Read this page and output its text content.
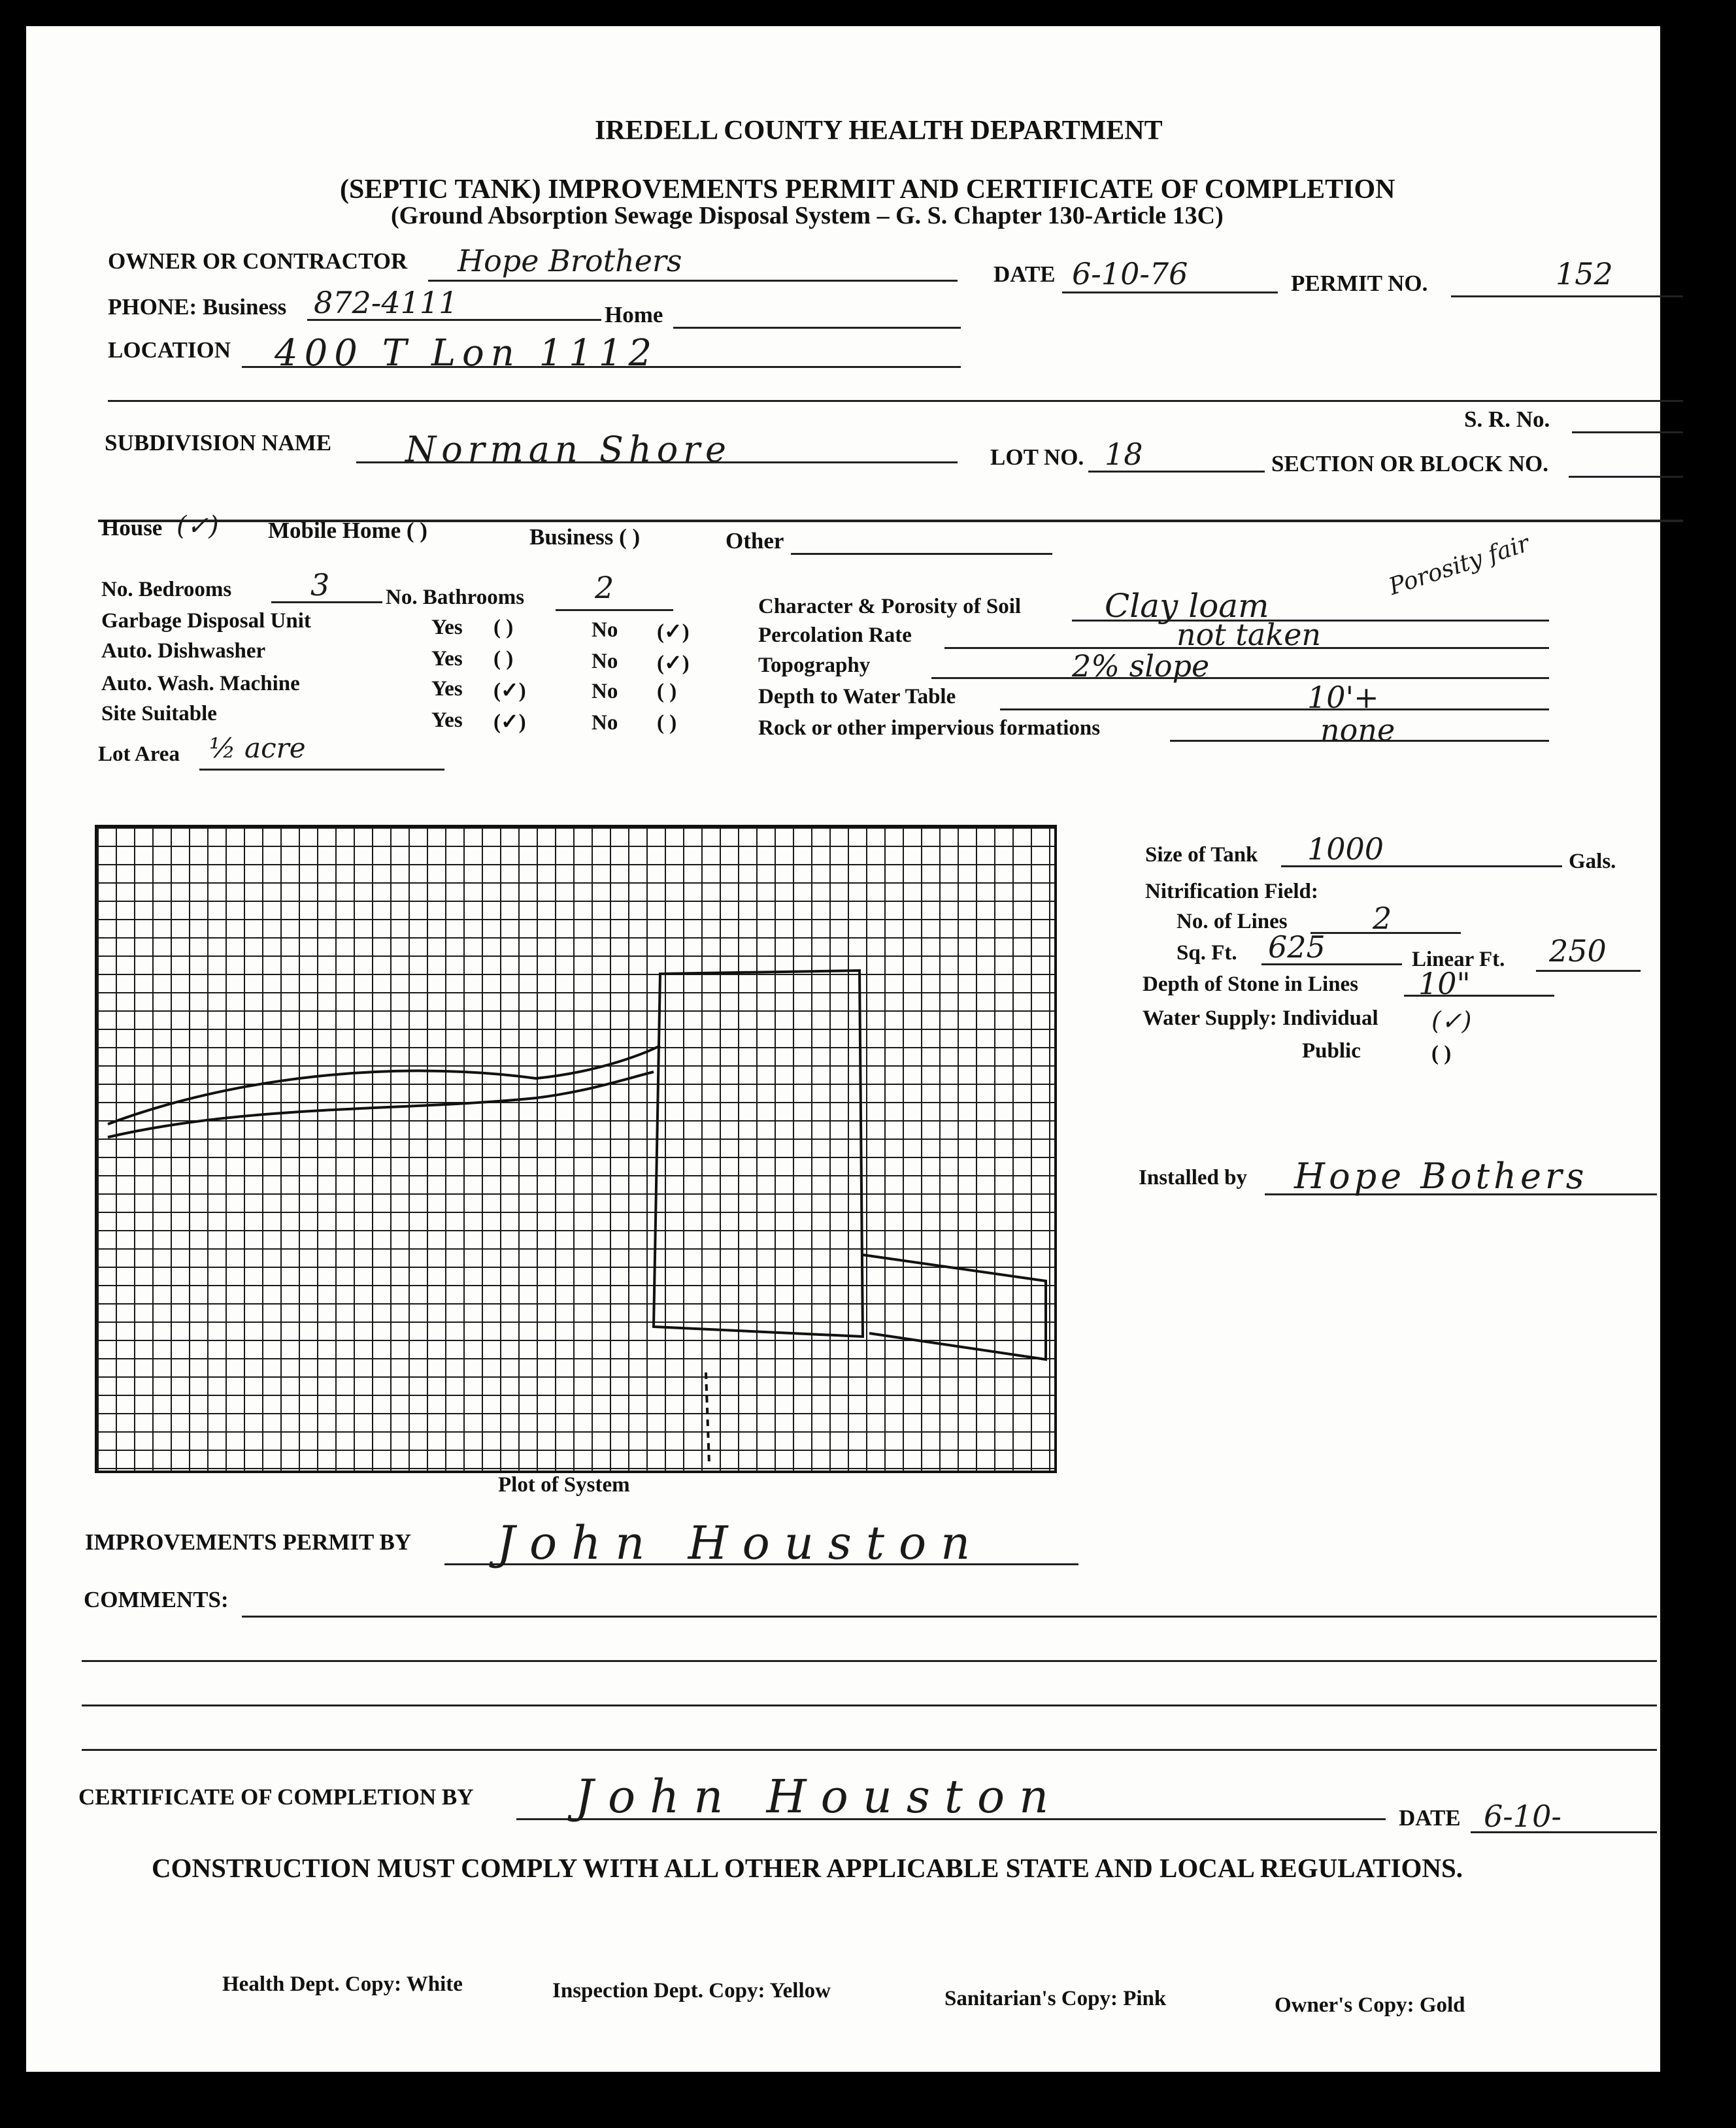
IREDELL COUNTY HEALTH DEPARTMENT
(SEPTIC TANK) IMPROVEMENTS PERMIT AND CERTIFICATE OF COMPLETION
(Ground Absorption Sewage Disposal System – G. S. Chapter 130-Article 13C)
OWNER OR CONTRACTOR Hope Brothers	DATE 6-10-76	PERMIT NO.	152
PHONE: Business 872-4111	Home
LOCATION 400 T Lon 1112
S. R. No.
SUBDIVISION NAME Norman Shore	LOT NO. 18	SECTION OR BLOCK NO.
House (✓) Mobile Home ( )	Business ( )	Other
No. Bedrooms	3	No. Bathrooms 2
Garbage Disposal Unit	Yes ( )	No (✓)
Auto. Dishwasher	Yes ( )	No (✓)
Auto. Wash. Machine	Yes (✓)	No ( )
Site Suitable	Yes (✓)	No ( )
Lot Area ½ acre
Character & Porosity of Soil	Clay loam
Porosity fair
Percolation Rate	not taken
Topography	2% slope
Depth to Water Table	10'+
Rock or other impervious formations	none
Plot of System
Size of Tank 1000	Gals.
Nitrification Field:
No. of Lines	2
Sq. Ft. 625	Linear Ft. 250
Depth of Stone in Lines 10"
Water Supply: Individual (✓)
Public	( )
Installed by Hope Bothers
IMPROVEMENTS PERMIT BY John Houston
COMMENTS:
CERTIFICATE OF COMPLETION BY John Houston	DATE 6-10-
CONSTRUCTION MUST COMPLY WITH ALL OTHER APPLICABLE STATE AND LOCAL REGULATIONS.
Health Dept. Copy: White	Inspection Dept. Copy: Yellow	Sanitarian's Copy: Pink	Owner's Copy: Gold
